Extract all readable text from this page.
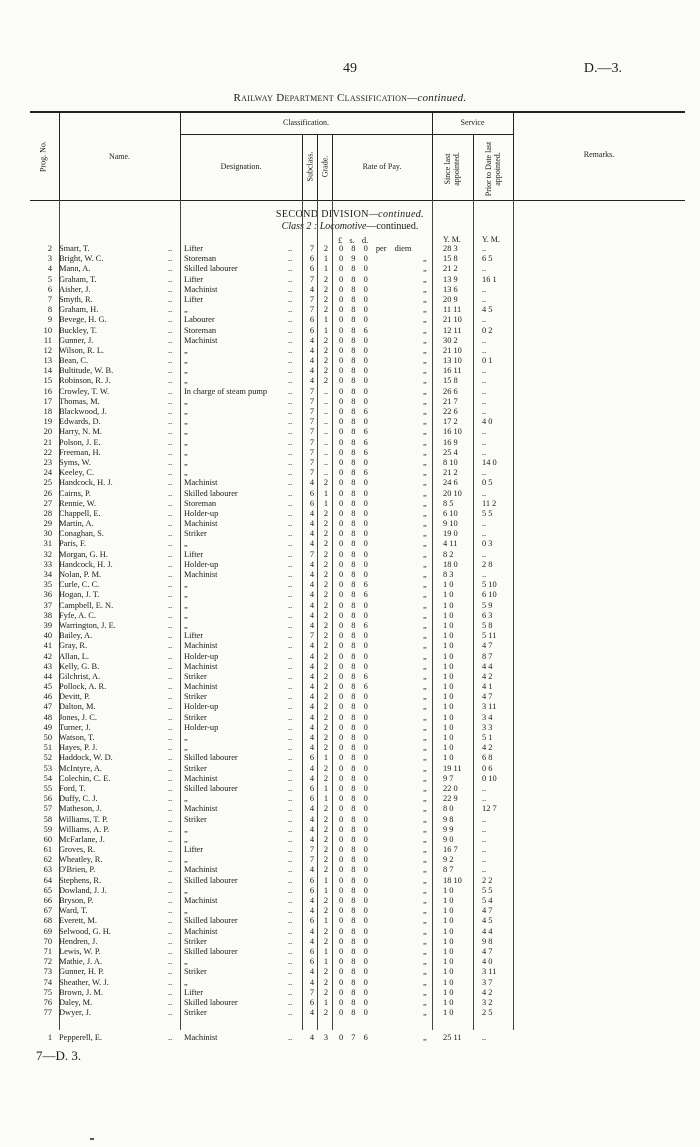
49	D.—3.
Railway Department Classification—continued.
Prog. No.	Name.
Classification.
Designation.	Subclass. Grade.	Rate of Pay.
Service
Since last appointed.	Prior to Date last appointed.	Remarks.
SECOND DIVISION—continued.
Class 2 : Locomotive—continued.
£ s. d.	Y. M.	Y. M.
2 Smart, T.	.. Lifter	..	7	2	0 8 0 per diem	28 3	..
3 Bright, W. C.	.. Storeman	..	6	1	0 9 0	„ 15 8	6 5
4 Mann, A.	.. Skilled labourer	..	6	1	0 8 0	„ 21 2	..
5 Graham, T.	.. Lifter	..	7	2	0 8 0	„ 13 9	16 1
6 Aisher, J.	.. Machinist	..	4	2	0 8 0	„ 13 6	..
7 Smyth, R.	.. Lifter	..	7	2	0 8 0	„ 20 9	..
8 Graham, H.	.. „	..	7	2	0 8 0	„ 11 11	4 5
9 Bevege, H. G.	.. Labourer	..	6	1	0 8 0	„ 21 10	..
10 Buckley, T.	.. Storeman	..	6	1	0 8 6	„ 12 11	0 2
11 Gunner, J.	.. Machinist	..	4	2	0 8 0	„ 30 2	..
12 Wilson, R. L.	.. „	..	4	2	0 8 0	„ 21 10	..
13 Bean, C.	.. „	..	4	2	0 8 0	„ 13 10	0 1
14 Bultitude, W. B.	.. „	..	4	2	0 8 0	„ 16 11	..
15 Robinson, R. J.	.. „	..	4	2	0 8 0	„ 15 8	..
16 Crowley, T. W.	.. In charge of steam pump	..	7	..	0 8 0	„ 26 6	..
17 Thomas, M.	.. „	..	7	..	0 8 0	„ 21 7	..
18 Blackwood, J.	.. „	..	7	..	0 8 6	„ 22 6	..
19 Edwards, D.	.. „	..	7	..	0 8 0	„ 17 2	4 0
20 Harry, N. M.	.. „	..	7	..	0 8 6	„ 16 10	..
21 Polson, J. E.	.. „	..	7	..	0 8 6	„ 16 9	..
22 Freeman, H.	.. „	..	7	..	0 8 6	„ 25 4	..
23 Syms, W.	.. „	..	7	..	0 8 0	„ 8 10	14 0
24 Keeley, C.	.. „	..	7	..	0 8 6	„ 21 2	..
25 Handcock, H. J.	.. Machinist	..	4	2	0 8 0	„ 24 6	0 5
26 Cairns, P.	.. Skilled labourer	..	6	1	0 8 0	„ 20 10	..
27 Rennie, W.	.. Storeman	..	6	1	0 8 0	„ 8 5	11 2
28 Chappell, E.	.. Holder-up	..	4	2	0 8 0	„ 6 10	5 5
29 Martin, A.	.. Machinist	..	4	2	0 8 0	„ 9 10	..
30 Conaghan, S.	.. Striker	..	4	2	0 8 0	„ 19 0	..
31 Paris, F.	.. „	..	4	2	0 8 0	„ 4 11	0 3
32 Morgan, G. H.	.. Lifter	..	7	2	0 8 0	„ 8 2	..
33 Handcock, H. J.	.. Holder-up	..	4	2	0 8 0	„ 18 0	2 8
34 Nolan, P. M.	.. Machinist	..	4	2	0 8 0	„ 8 3	..
35 Curle, C. C.	.. „	..	4	2	0 8 6	„ 1 0	5 10
36 Hogan, J. T.	.. „	..	4	2	0 8 6	„ 1 0	6 10
37 Campbell, E. N.	.. „	..	4	2	0 8 0	„ 1 0	5 9
38 Fyfe, A. C.	.. „	..	4	2	0 8 0	„ 1 0	6 3
39 Warrington, J. E.	.. „	..	4	2	0 8 6	„ 1 0	5 8
40 Bailey, A.	.. Lifter	..	7	2	0 8 0	„ 1 0	5 11
41 Gray, R.	.. Machinist	..	4	2	0 8 0	„ 1 0	4 7
42 Allan, L.	.. Holder-up	..	4	2	0 8 0	„ 1 0	8 7
43 Kelly, G. B.	.. Machinist	..	4	2	0 8 0	„ 1 0	4 4
44 Gilchrist, A.	.. Striker	..	4	2	0 8 6	„ 1 0	4 2
45 Pollock, A. R.	.. Machinist	..	4	2	0 8 6	„ 1 0	4 1
46 Devitt, P.	.. Striker	..	4	2	0 8 0	„ 1 0	4 7
47 Dalton, M.	.. Holder-up	..	4	2	0 8 0	„ 1 0	3 11
48 Jones, J. C.	.. Striker	..	4	2	0 8 0	„ 1 0	3 4
49 Turner, J.	.. Holder-up	..	4	2	0 8 0	„ 1 0	3 3
50 Watson, T.	.. „	..	4	2	0 8 0	„ 1 0	5 1
51 Hayes, P. J.	.. „	..	4	2	0 8 0	„ 1 0	4 2
52 Haddock, W. D.	.. Skilled labourer	..	6	1	0 8 0	„ 1 0	6 8
53 McIntyre, A.	.. Striker	..	4	2	0 8 0	„ 19 11	0 6
54 Colechin, C. E.	.. Machinist	..	4	2	0 8 0	„ 9 7	0 10
55 Ford, T.	.. Skilled labourer	..	6	1	0 8 0	„ 22 0	..
56 Duffy, C. J.	.. „	..	6	1	0 8 0	„ 22 9	..
57 Matheson, J.	.. Machinist	..	4	2	0 8 0	„ 8 0	12 7
58 Williams, T. P.	.. Striker	..	4	2	0 8 0	„ 9 8	..
59 Williams, A. P.	.. „	..	4	2	0 8 0	„ 9 9	..
60 McFarlane, J.	.. „	..	4	2	0 8 0	„ 9 0	..
61 Groves, R.	.. Lifter	..	7	2	0 8 0	„ 16 7	..
62 Wheatley, R.	.. „	..	7	2	0 8 0	„ 9 2	..
63 O'Brien, P.	.. Machinist	..	4	2	0 8 0	„ 8 7	..
64 Stephens, R.	.. Skilled labourer	..	6	1	0 8 0	„ 18 10	2 2
65 Dowland, J. J.	.. „	..	6	1	0 8 0	„ 1 0	5 5
66 Bryson, P.	.. Machinist	..	4	2	0 8 0	„ 1 0	5 4
67 Ward, T.	.. „	..	4	2	0 8 0	„ 1 0	4 7
68 Everett, M.	.. Skilled labourer	..	6	1	0 8 0	„ 1 0	4 5
69 Selwood, G. H.	.. Machinist	..	4	2	0 8 0	„ 1 0	4 4
70 Hendren, J.	.. Striker	..	4	2	0 8 0	„ 1 0	9 8
71 Lewis, W. P.	.. Skilled labourer	..	6	1	0 8 0	„ 1 0	4 7
72 Mathie, J. A.	.. „	..	6	1	0 8 0	„ 1 0	4 0
73 Gunner, H. P.	.. Striker	..	4	2	0 8 0	„ 1 0	3 11
74 Sheather, W. J.	.. „	..	4	2	0 8 0	„ 1 0	3 7
75 Brown, J. M.	.. Lifter	..	7	2	0 8 0	„ 1 0	4 2
76 Daley, M.	.. Skilled labourer	..	6	1	0 8 0	„ 1 0	3 2
77 Dwyer, J.	.. Striker	..	4	2	0 8 0	„ 1 0	2 5
1 Pepperell, E.	.. Machinist	..	4	3	0 7 6	„ 25 11	..
7—D. 3.
